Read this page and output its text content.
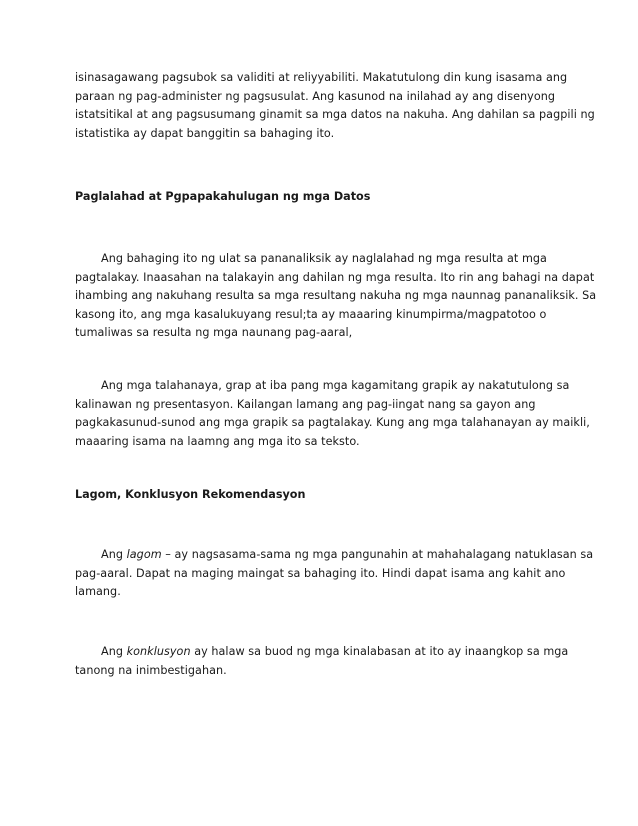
isinasagawang pagsubok sa validiti at reliyyabiliti. Makatutulong din kung isasama ang
paraan ng pag-administer ng pagsusulat. Ang kasunod na inilahad ay ang disenyong
istatsitikal at ang pagsusumang ginamit sa mga datos na nakuha. Ang dahilan sa pagpili ng
istatistika ay dapat banggitin sa bahaging ito.

Paglalahad at Pgpapakahulugan ng mga Datos

Ang bahaging ito ng ulat sa pananaliksik ay naglalahad ng mga resulta at mga
pagtalakay. Inaasahan na talakayin ang dahilan ng mga resulta. Ito rin ang bahagi na dapat
ihambing ang nakuhang resulta sa mga resultang nakuha ng mga naunnag pananaliksik. Sa
kasong ito, ang mga kasalukuyang resul;ta ay maaaring kinumpirma/magpatotoo o
tumaliwas sa resulta ng mga naunang pag-aaral,

Ang mga talahanaya, grap at iba pang mga kagamitang grapik ay nakatutulong sa
kalinawan ng presentasyon. Kailangan lamang ang pag-iingat nang sa gayon ang
pagkakasunud-sunod ang mga grapik sa pagtalakay. Kung ang mga talahanayan ay maikli,
maaaring isama na laamng ang mga ito sa teksto.

Lagom, Konklusyon Rekomendasyon

Ang lagom – ay nagsasama-sama ng mga pangunahin at mahahalagang natuklasan sa
pag-aaral. Dapat na maging maingat sa bahaging ito. Hindi dapat isama ang kahit ano
lamang.

Ang konklusyon ay halaw sa buod ng mga kinalabasan at ito ay inaangkop sa mga
tanong na inimbestigahan.
